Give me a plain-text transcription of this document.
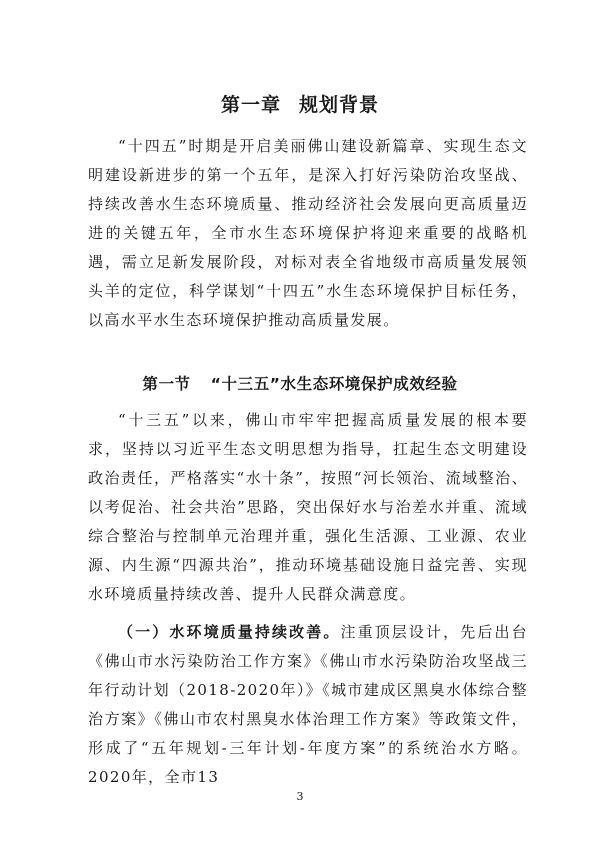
第一章 规划背景

“十四五”时期是开启美丽佛山建设新篇章、实现生态文明建设新进步的第一个五年，是深入打好污染防治攻坚战、持续改善水生态环境质量、推动经济社会发展向更高质量迈进的关键五年，全市水生态环境保护将迎来重要的战略机遇，需立足新发展阶段，对标对表全省地级市高质量发展领头羊的定位，科学谋划“十四五”水生态环境保护目标任务，以高水平水生态环境保护推动高质量发展。

第一节 “十三五”水生态环境保护成效经验

“十三五”以来，佛山市牢牢把握高质量发展的根本要求，坚持以习近平生态文明思想为指导，扛起生态文明建设政治责任，严格落实“水十条”，按照“河长领治、流域整治、以考促治、社会共治”思路，突出保好水与治差水并重、流域综合整治与控制单元治理并重，强化生活源、工业源、农业源、内生源“四源共治”，推动环境基础设施日益完善、实现水环境质量持续改善、提升人民群众满意度。

（一）水环境质量持续改善。注重顶层设计，先后出台《佛山市水污染防治工作方案》《佛山市水污染防治攻坚战三年行动计划（2018-2020年）》《城市建成区黑臭水体综合整治方案》《佛山市农村黑臭水体治理工作方案》等政策文件，形成了“五年规划-三年计划-年度方案”的系统治水方略。2020年，全市13

3
